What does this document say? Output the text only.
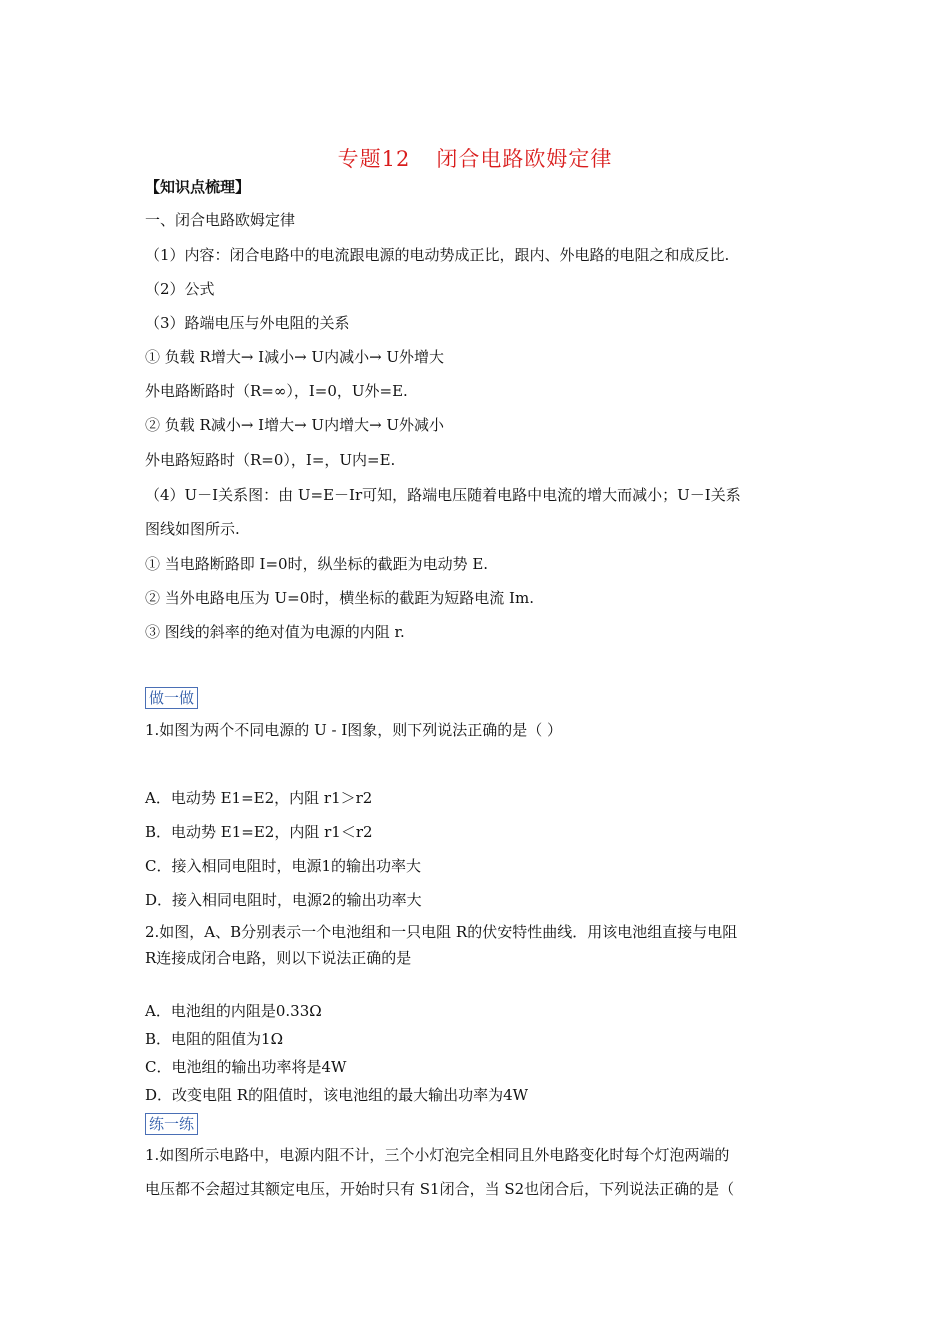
专题12 闭合电路欧姆定律
【知识点梳理】
一、闭合电路欧姆定律
（1）内容：闭合电路中的电流跟电源的电动势成正比，跟内、外电路的电阻之和成反比.
（2）公式
（3）路端电压与外电阻的关系
① 负载 R增大→ I减小→ U内减小→ U外增大
外电路断路时（R=∞），I=0，U外=E.
② 负载 R减小→ I增大→ U内增大→ U外减小
外电路短路时（R=0），I=，U内=E.
（4）U－I关系图：由 U=E－Ir可知，路端电压随着电路中电流的增大而减小；U－I关系
图线如图所示.
① 当电路断路即 I=0时，纵坐标的截距为电动势 E.
② 当外电路电压为 U=0时，横坐标的截距为短路电流 Im.
③ 图线的斜率的绝对值为电源的内阻 r.
做一做
1.如图为两个不同电源的 U - I图象，则下列说法正确的是（ ）
A．电动势 E1=E2，内阻 r1＞r2
B．电动势 E1=E2，内阻 r1＜r2
C．接入相同电阻时，电源1的输出功率大
D．接入相同电阻时，电源2的输出功率大
2.如图，A、B分别表示一个电池组和一只电阻 R的伏安特性曲线．用该电池组直接与电阻
R连接成闭合电路，则以下说法正确的是
A．电池组的内阻是0.33Ω
B．电阻的阻值为1Ω
C．电池组的输出功率将是4W
D．改变电阻 R的阻值时，该电池组的最大输出功率为4W
练一练
1.如图所示电路中，电源内阻不计，三个小灯泡完全相同且外电路变化时每个灯泡两端的
电压都不会超过其额定电压，开始时只有 S1闭合，当 S2也闭合后，下列说法正确的是（
